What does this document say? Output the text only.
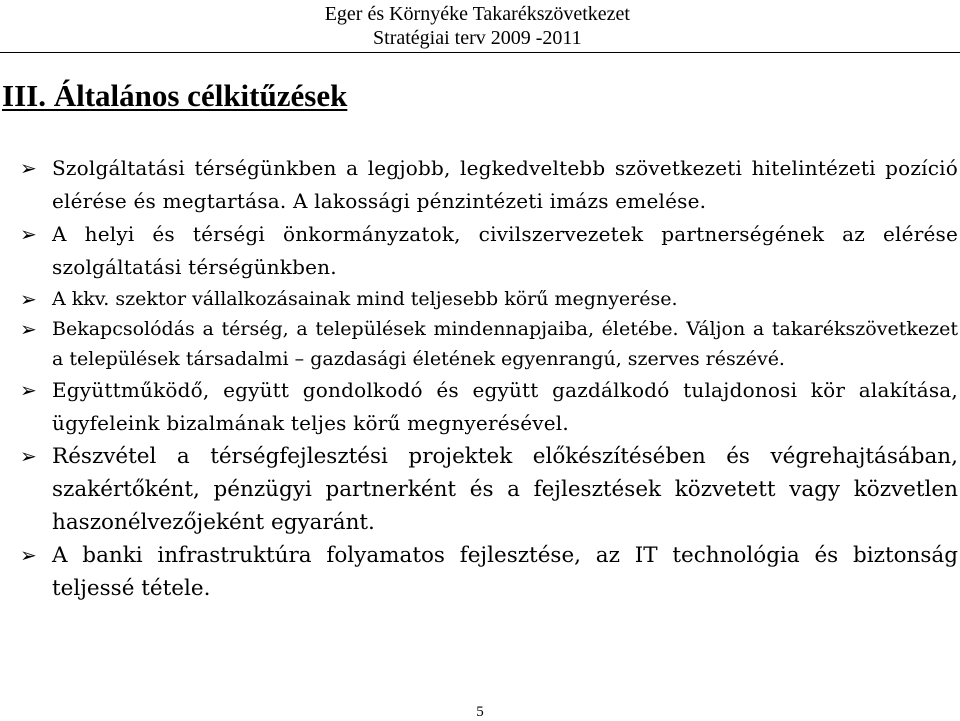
Eger és Környéke Takarékszövetkezet
Stratégiai terv 2009 -2011
III. Általános célkitűzések
➢ Szolgáltatási térségünkben a legjobb, legkedveltebb szövetkezeti hitelintézeti pozíció elérése és megtartása. A lakossági pénzintézeti imázs emelése.
➢ A helyi és térségi önkormányzatok, civilszervezetek partnerségének az elérése szolgáltatási térségünkben.
➢ A kkv. szektor vállalkozásainak mind teljesebb körű megnyerése.
➢ Bekapcsolódás a térség, a települések mindennapjaiba, életébe. Váljon a takarékszövetkezet a települések társadalmi – gazdasági életének egyenrangú, szerves részévé.
➢ Együttműködő, együtt gondolkodó és együtt gazdálkodó tulajdonosi kör alakítása, ügyfeleink bizalmának teljes körű megnyerésével.
➢ Részvétel a térségfejlesztési projektek előkészítésében és végrehajtásában, szakértőként, pénzügyi partnerként és a fejlesztések közvetett vagy közvetlen haszonélvezőjeként egyaránt.
➢ A banki infrastruktúra folyamatos fejlesztése, az IT technológia és biztonság teljessé tétele.
5
